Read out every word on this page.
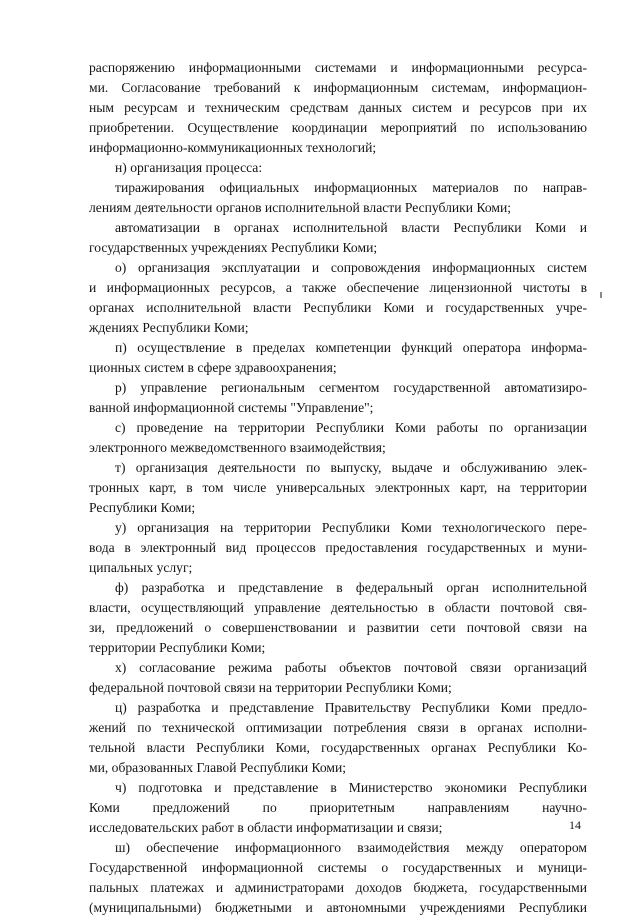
распоряжению информационными системами и информационными ресурса-
ми. Согласование требований к информационным системам, информацион-
ным ресурсам и техническим средствам данных систем и ресурсов при их
приобретении. Осуществление координации мероприятий по использованию
информационно-коммуникационных технологий;
н) организация процесса:
тиражирования официальных информационных материалов по направ-
лениям деятельности органов исполнительной власти Республики Коми;
автоматизации в органах исполнительной власти Республики Коми и
государственных учреждениях Республики Коми;
о) организация эксплуатации и сопровождения информационных систем
и информационных ресурсов, а также обеспечение лицензионной чистоты в
органах исполнительной власти Республики Коми и государственных учре-
ждениях Республики Коми;
п) осуществление в пределах компетенции функций оператора информа-
ционных систем в сфере здравоохранения;
р) управление региональным сегментом государственной автоматизиро-
ванной информационной системы "Управление";
с) проведение на территории Республики Коми работы по организации
электронного межведомственного взаимодействия;
т) организация деятельности по выпуску, выдаче и обслуживанию элек-
тронных карт, в том числе универсальных электронных карт, на территории
Республики Коми;
у) организация на территории Республики Коми технологического пере-
вода в электронный вид процессов предоставления государственных и муни-
ципальных услуг;
ф) разработка и представление в федеральный орган исполнительной
власти, осуществляющий управление деятельностью в области почтовой свя-
зи, предложений о совершенствовании и развитии сети почтовой связи на
территории Республики Коми;
х) согласование режима работы объектов почтовой связи организаций
федеральной почтовой связи на территории Республики Коми;
ц) разработка и представление Правительству Республики Коми предло-
жений по технической оптимизации потребления связи в органах исполни-
тельной власти Республики Коми, государственных органах Республики Ко-
ми, образованных Главой Республики Коми;
ч) подготовка и представление в Министерство экономики Республики
Коми предложений по приоритетным направлениям научно-
исследовательских работ в области информатизации и связи;
ш) обеспечение информационного взаимодействия между оператором
Государственной информационной системы о государственных и муници-
пальных платежах и администраторами доходов бюджета, государственными
(муниципальными) бюджетными и автономными учреждениями Республики
14
